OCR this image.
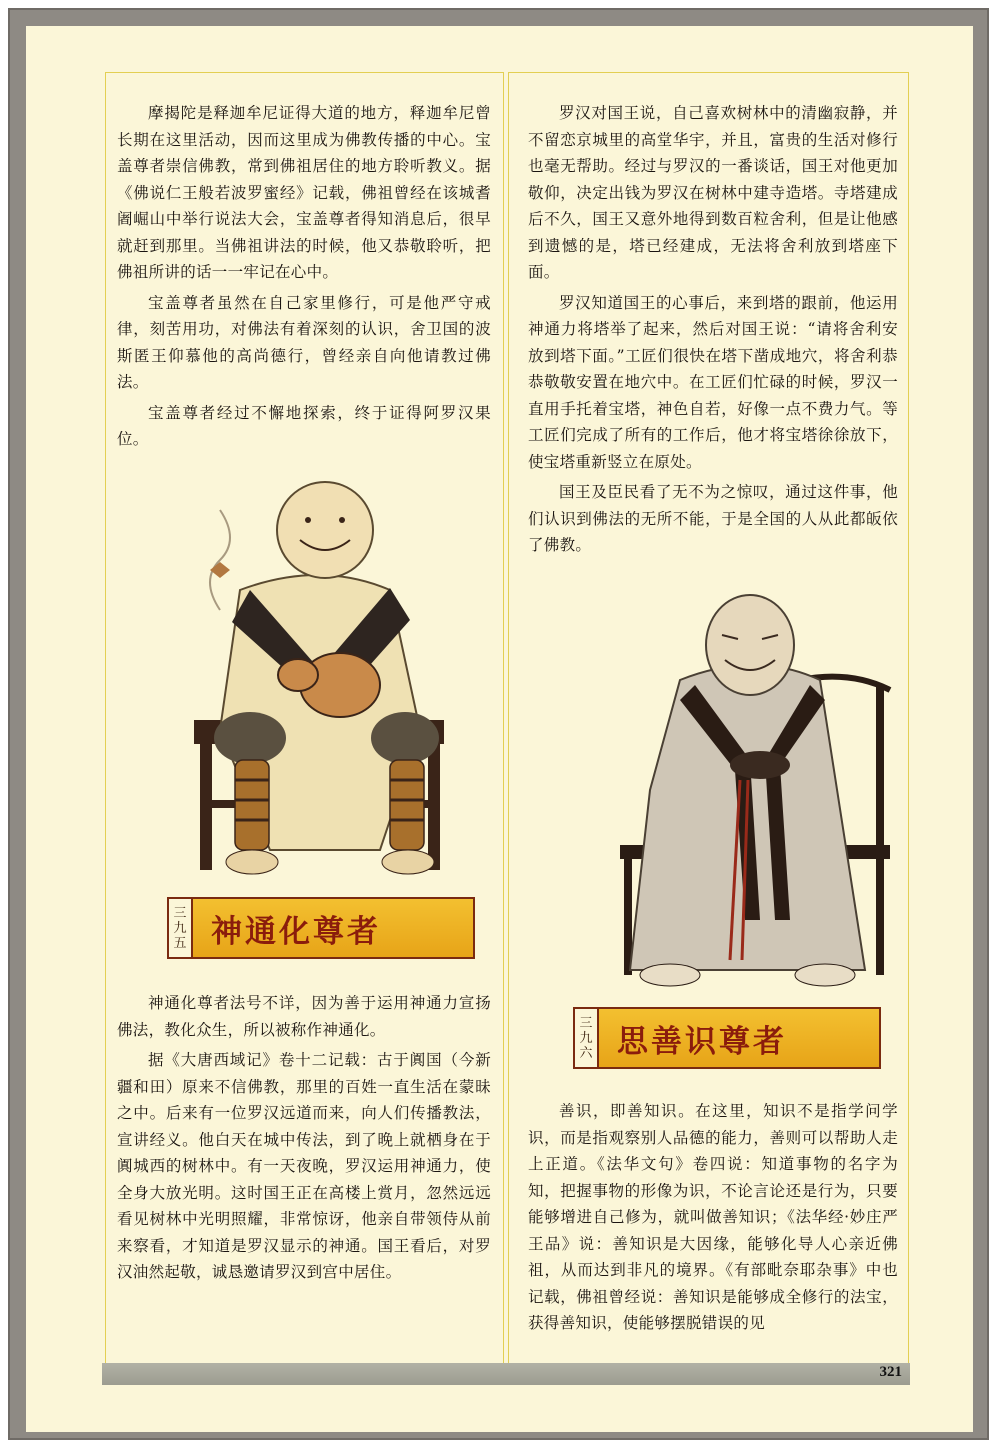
摩揭陀是释迦牟尼证得大道的地方，释迦牟尼曾长期在这里活动，因而这里成为佛教传播的中心。宝盖尊者崇信佛教，常到佛祖居住的地方聆听教义。据《佛说仁王般若波罗蜜经》记载，佛祖曾经在该城耆阇崛山中举行说法大会，宝盖尊者得知消息后，很早就赶到那里。当佛祖讲法的时候，他又恭敬聆听，把佛祖所讲的话一一牢记在心中。

宝盖尊者虽然在自己家里修行，可是他严守戒律，刻苦用功，对佛法有着深刻的认识，舍卫国的波斯匿王仰慕他的高尚德行，曾经亲自向他请教过佛法。

宝盖尊者经过不懈地探索，终于证得阿罗汉果位。

三
九
五 神通化尊者

神通化尊者法号不详，因为善于运用神通力宣扬佛法，教化众生，所以被称作神通化。

据《大唐西域记》卷十二记载：古于阗国（今新疆和田）原来不信佛教，那里的百姓一直生活在蒙昧之中。后来有一位罗汉远道而来，向人们传播教法，宣讲经义。他白天在城中传法，到了晚上就栖身在于阗城西的树林中。有一天夜晚，罗汉运用神通力，使全身大放光明。这时国王正在高楼上赏月，忽然远远看见树林中光明照耀，非常惊讶，他亲自带领侍从前来察看，才知道是罗汉显示的神通。国王看后，对罗汉油然起敬，诚恳邀请罗汉到宫中居住。

罗汉对国王说，自己喜欢树林中的清幽寂静，并不留恋京城里的高堂华宇，并且，富贵的生活对修行也毫无帮助。经过与罗汉的一番谈话，国王对他更加敬仰，决定出钱为罗汉在树林中建寺造塔。寺塔建成后不久，国王又意外地得到数百粒舍利，但是让他感到遗憾的是，塔已经建成，无法将舍利放到塔座下面。

罗汉知道国王的心事后，来到塔的跟前，他运用神通力将塔举了起来，然后对国王说：“请将舍利安放到塔下面。”工匠们很快在塔下凿成地穴，将舍利恭恭敬敬安置在地穴中。在工匠们忙碌的时候，罗汉一直用手托着宝塔，神色自若，好像一点不费力气。等工匠们完成了所有的工作后，他才将宝塔徐徐放下，使宝塔重新竖立在原处。

国王及臣民看了无不为之惊叹，通过这件事，他们认识到佛法的无所不能，于是全国的人从此都皈依了佛教。

三
九
六 思善识尊者

善识，即善知识。在这里，知识不是指学问学识，而是指观察别人品德的能力，善则可以帮助人走上正道。《法华文句》卷四说：知道事物的名字为知，把握事物的形像为识，不论言论还是行为，只要能够增进自己修为，就叫做善知识；《法华经·妙庄严王品》说：善知识是大因缘，能够化导人心亲近佛祖，从而达到非凡的境界。《有部毗奈耶杂事》中也记载，佛祖曾经说：善知识是能够成全修行的法宝，获得善知识，使能够摆脱错误的见

321
